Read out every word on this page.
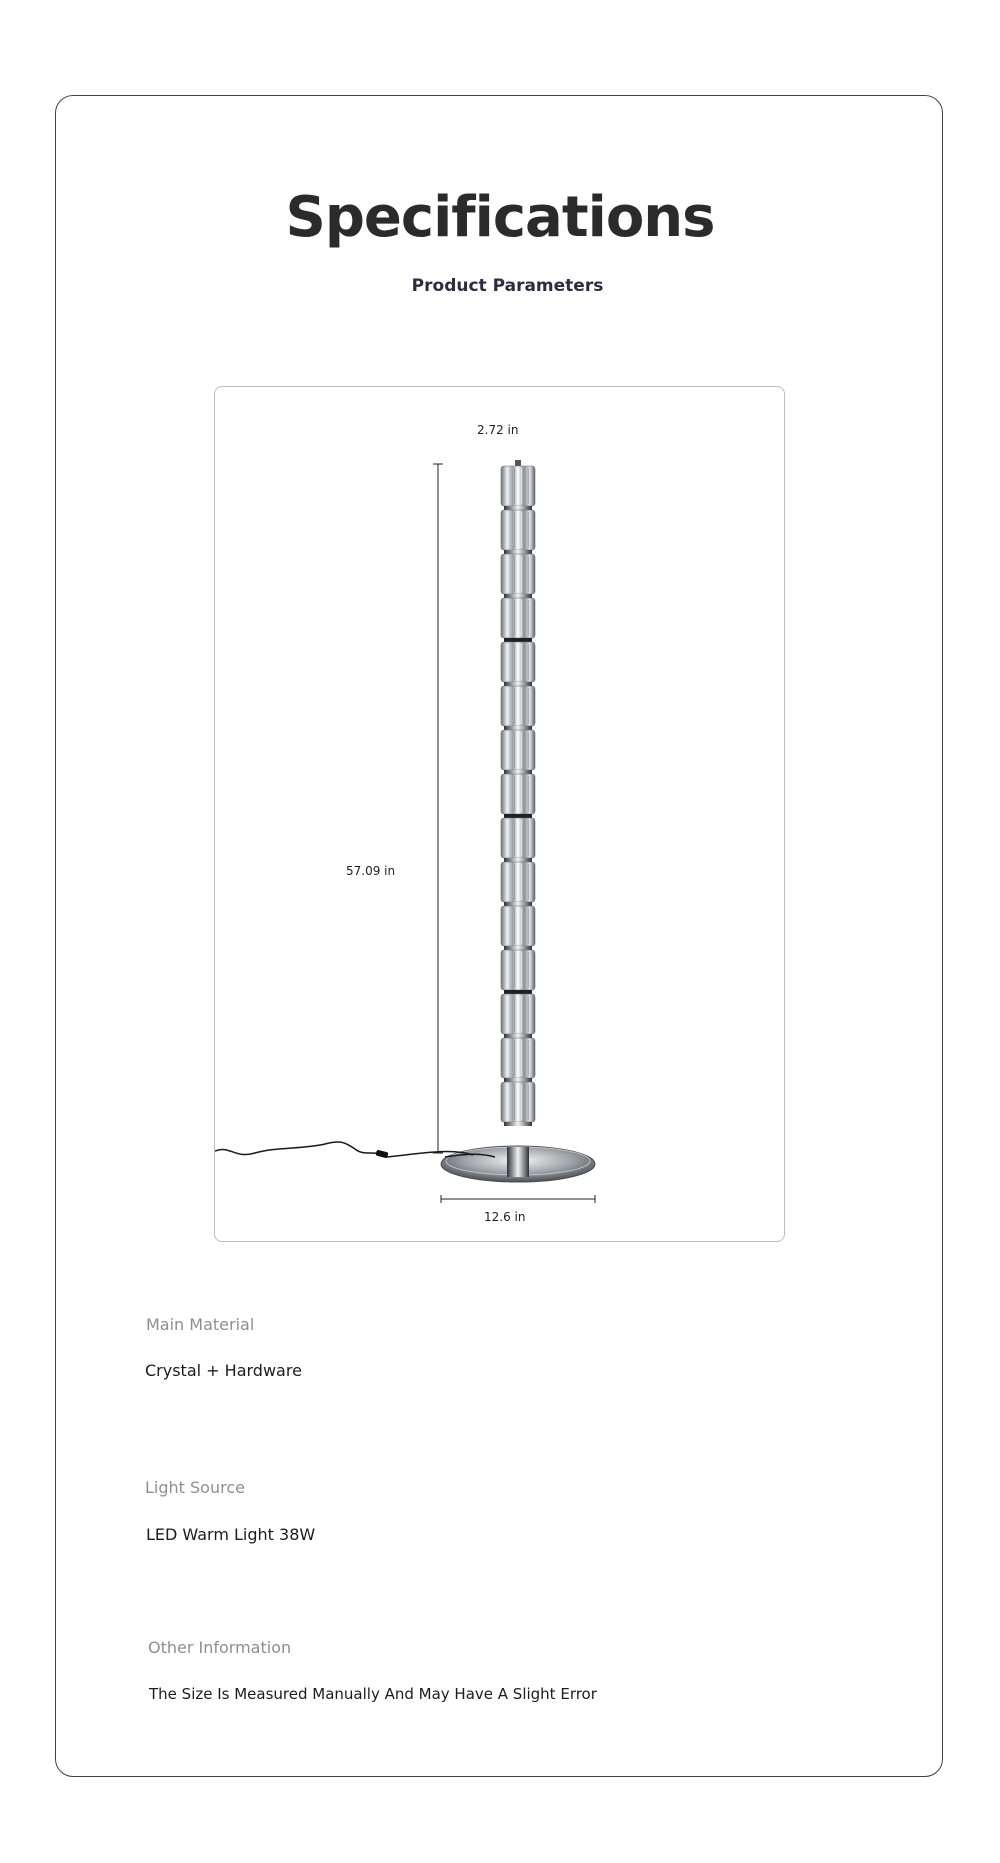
Specifications
Product Parameters
2.72 in
57.09 in
12.6 in
Main Material
Crystal + Hardware
Light Source
LED Warm Light 38W
Other Information
The Size Is Measured Manually And May Have A Slight Error
